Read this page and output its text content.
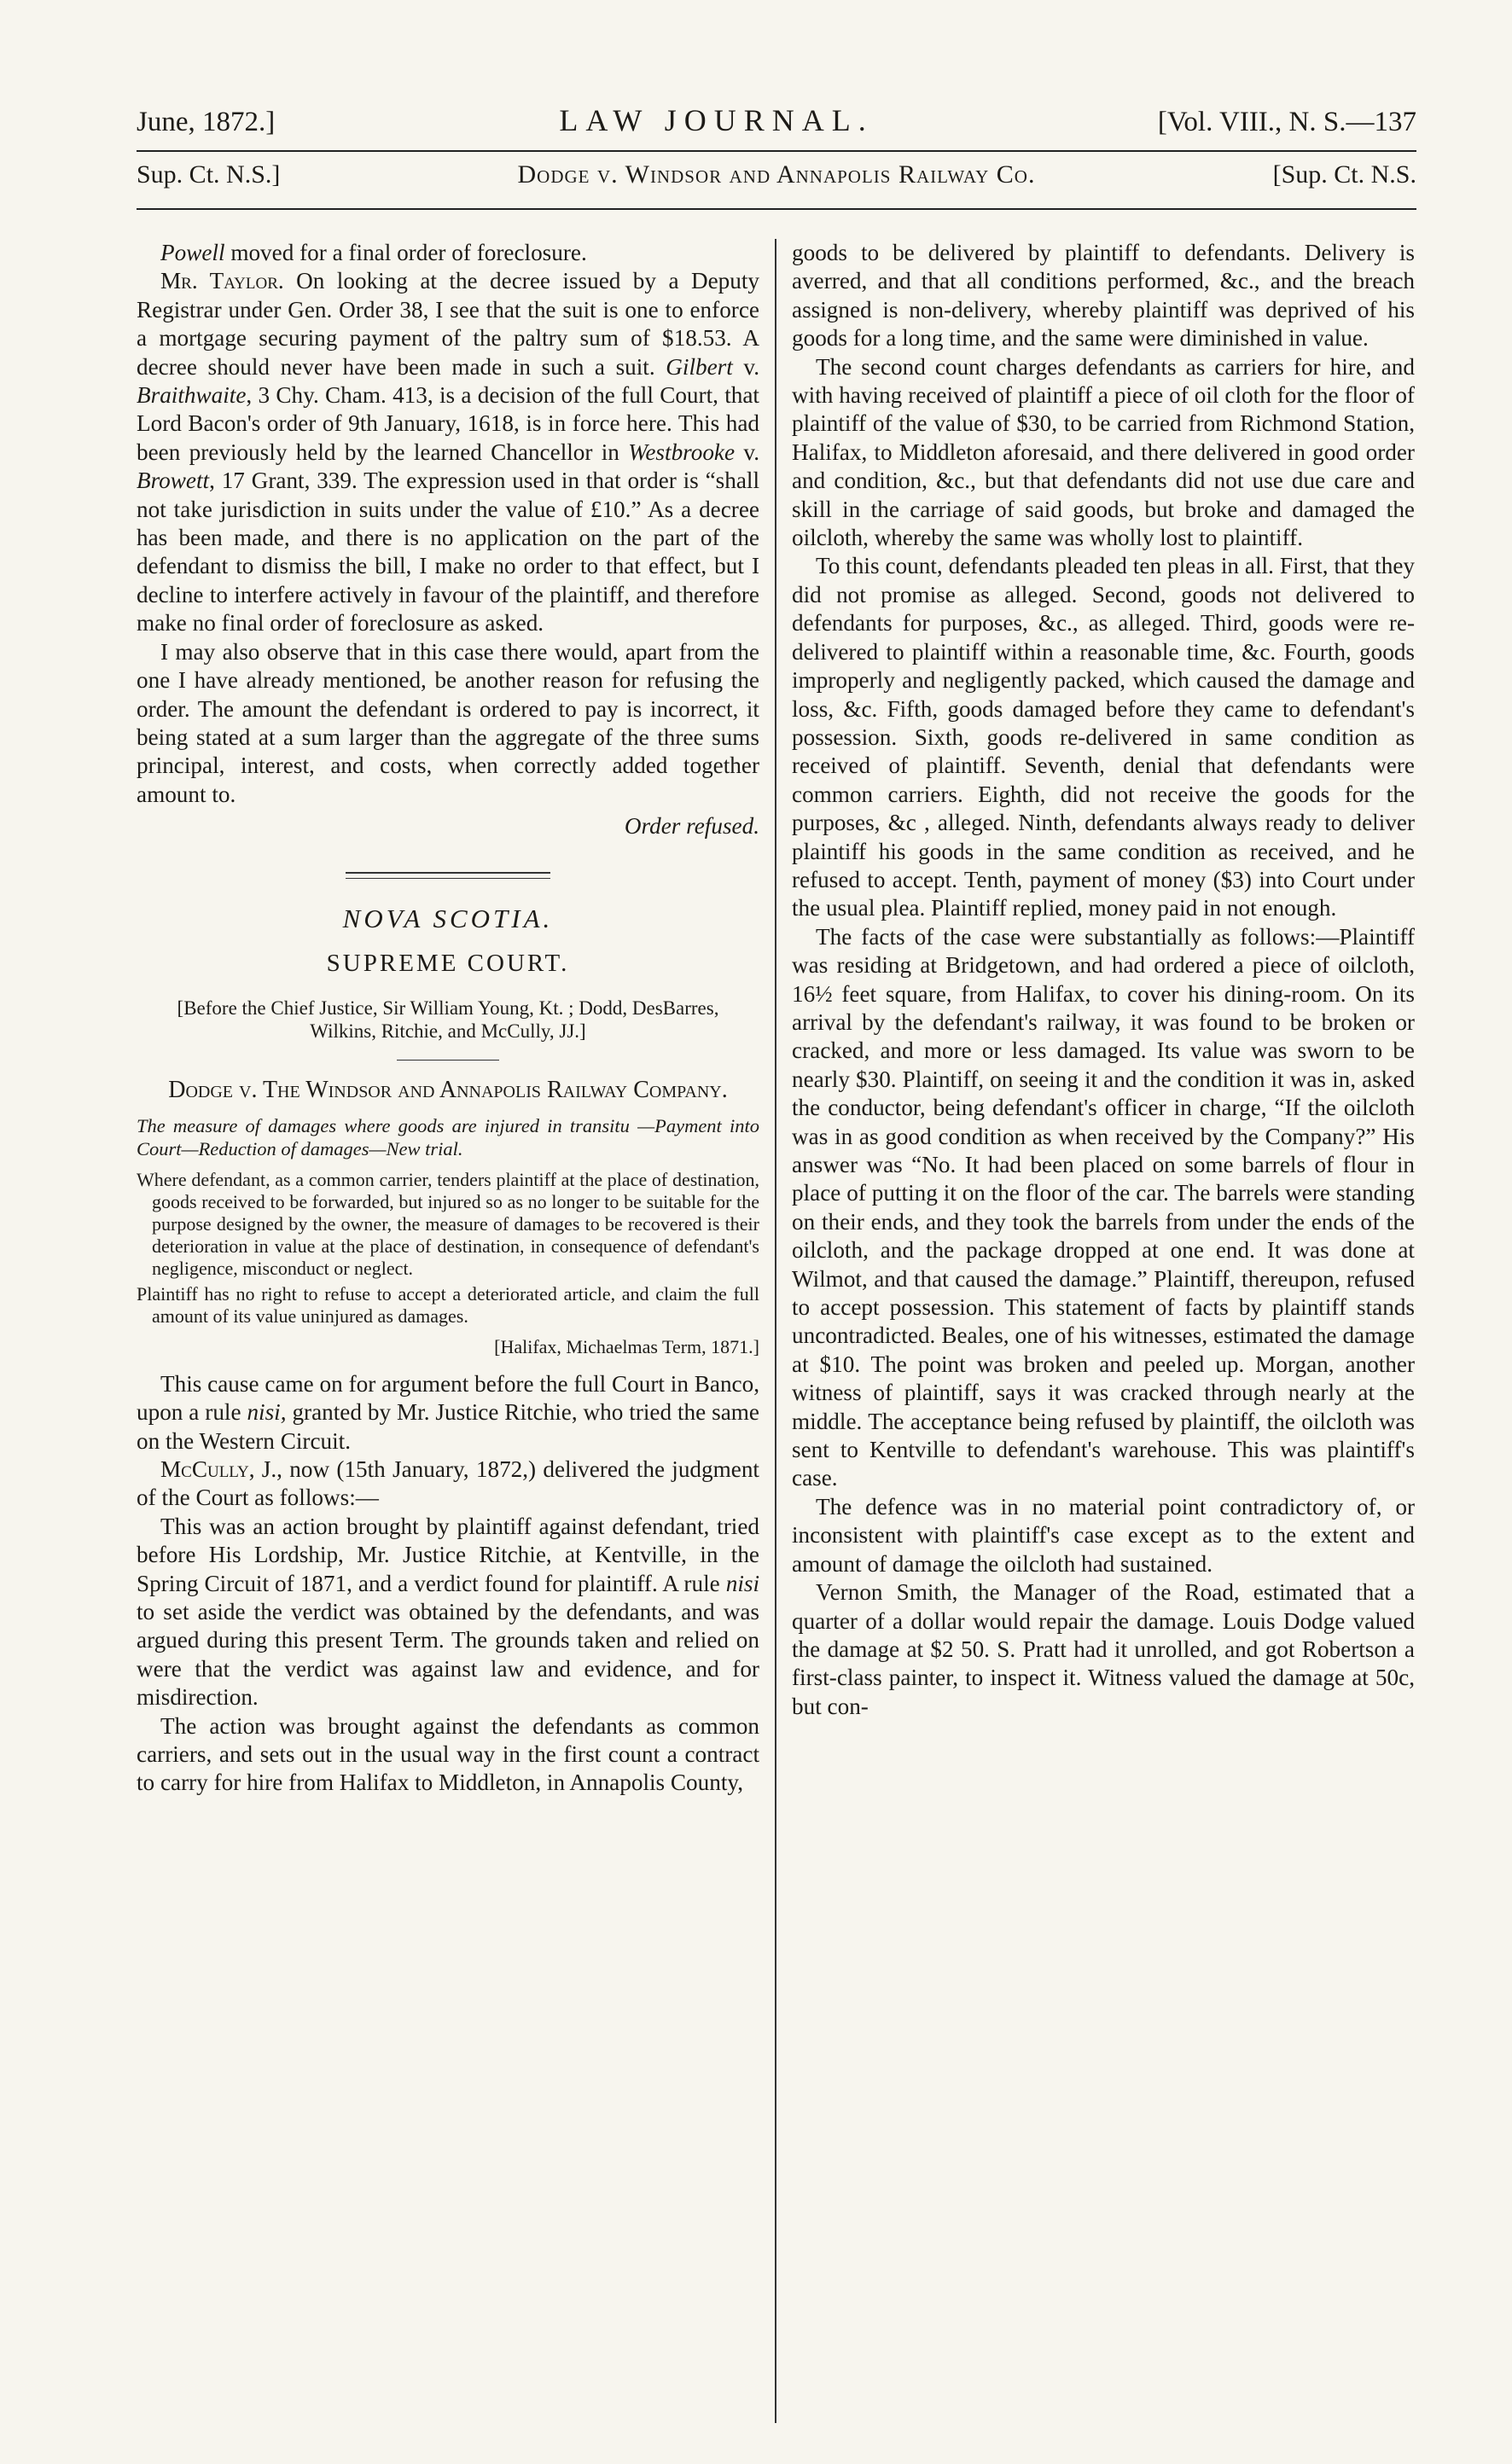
June, 1872.]	LAW JOURNAL.	[Vol. VIII., N. S.—137
Sup. Ct. N.S.]	Dodge v. Windsor and Annapolis Railway Co.	[Sup. Ct. N.S.

Powell moved for a final order of foreclosure.

Mr. Taylor. On looking at the decree issued by a Deputy Registrar under Gen. Order 38, I see that the suit is one to enforce a mortgage securing payment of the paltry sum of $18.53. A decree should never have been made in such a suit. Gilbert v. Braithwaite, 3 Chy. Cham. 413, is a decision of the full Court, that Lord Bacon's order of 9th January, 1618, is in force here. This had been previously held by the learned Chancellor in Westbrooke v. Browett, 17 Grant, 339. The expression used in that order is “shall not take jurisdiction in suits under the value of £10.” As a decree has been made, and there is no application on the part of the defendant to dismiss the bill, I make no order to that effect, but I decline to interfere actively in favour of the plaintiff, and therefore make no final order of foreclosure as asked.

I may also observe that in this case there would, apart from the one I have already mentioned, be another reason for refusing the order. The amount the defendant is ordered to pay is incorrect, it being stated at a sum larger than the aggregate of the three sums principal, interest, and costs, when correctly added together amount to.

Order refused.

NOVA SCOTIA.
SUPREME COURT.
[Before the Chief Justice, Sir William Young, Kt. ; Dodd, DesBarres, Wilkins, Ritchie, and McCully, JJ.]
Dodge v. The Windsor and Annapolis Railway Company.

The measure of damages where goods are injured in transitu —Payment into Court—Reduction of damages—New trial.

Where defendant, as a common carrier, tenders plaintiff at the place of destination, goods received to be forwarded, but injured so as no longer to be suitable for the purpose designed by the owner, the measure of damages to be recovered is their deterioration in value at the place of destination, in consequence of defendant's negligence, misconduct or neglect.

Plaintiff has no right to refuse to accept a deteriorated article, and claim the full amount of its value uninjured as damages.

[Halifax, Michaelmas Term, 1871.]

This cause came on for argument before the full Court in Banco, upon a rule nisi, granted by Mr. Justice Ritchie, who tried the same on the Western Circuit.

McCully, J., now (15th January, 1872,) delivered the judgment of the Court as follows:—

This was an action brought by plaintiff against defendant, tried before His Lordship, Mr. Justice Ritchie, at Kentville, in the Spring Circuit of 1871, and a verdict found for plaintiff. A rule nisi to set aside the verdict was obtained by the defendants, and was argued during this present Term. The grounds taken and relied on were that the verdict was against law and evidence, and for misdirection.

The action was brought against the defendants as common carriers, and sets out in the usual way in the first count a contract to carry for hire from Halifax to Middleton, in Annapolis County,

goods to be delivered by plaintiff to defendants. Delivery is averred, and that all conditions performed, &c., and the breach assigned is non-delivery, whereby plaintiff was deprived of his goods for a long time, and the same were diminished in value.

The second count charges defendants as carriers for hire, and with having received of plaintiff a piece of oil cloth for the floor of plaintiff of the value of $30, to be carried from Richmond Station, Halifax, to Middleton aforesaid, and there delivered in good order and condition, &c., but that defendants did not use due care and skill in the carriage of said goods, but broke and damaged the oilcloth, whereby the same was wholly lost to plaintiff.

To this count, defendants pleaded ten pleas in all. First, that they did not promise as alleged. Second, goods not delivered to defendants for purposes, &c., as alleged. Third, goods were re-delivered to plaintiff within a reasonable time, &c. Fourth, goods improperly and negligently packed, which caused the damage and loss, &c. Fifth, goods damaged before they came to defendant's possession. Sixth, goods re-delivered in same condition as received of plaintiff. Seventh, denial that defendants were common carriers. Eighth, did not receive the goods for the purposes, &c , alleged. Ninth, defendants always ready to deliver plaintiff his goods in the same condition as received, and he refused to accept. Tenth, payment of money ($3) into Court under the usual plea. Plaintiff replied, money paid in not enough.

The facts of the case were substantially as follows:—Plaintiff was residing at Bridgetown, and had ordered a piece of oilcloth, 16½ feet square, from Halifax, to cover his dining-room. On its arrival by the defendant's railway, it was found to be broken or cracked, and more or less damaged. Its value was sworn to be nearly $30. Plaintiff, on seeing it and the condition it was in, asked the conductor, being defendant's officer in charge, “If the oilcloth was in as good condition as when received by the Company?” His answer was “No. It had been placed on some barrels of flour in place of putting it on the floor of the car. The barrels were standing on their ends, and they took the barrels from under the ends of the oilcloth, and the package dropped at one end. It was done at Wilmot, and that caused the damage.” Plaintiff, thereupon, refused to accept possession. This statement of facts by plaintiff stands uncontradicted. Beales, one of his witnesses, estimated the damage at $10. The point was broken and peeled up. Morgan, another witness of plaintiff, says it was cracked through nearly at the middle. The acceptance being refused by plaintiff, the oilcloth was sent to Kentville to defendant's warehouse. This was plaintiff's case.

The defence was in no material point contradictory of, or inconsistent with plaintiff's case except as to the extent and amount of damage the oilcloth had sustained.

Vernon Smith, the Manager of the Road, estimated that a quarter of a dollar would repair the damage. Louis Dodge valued the damage at $2 50. S. Pratt had it unrolled, and got Robertson a first-class painter, to inspect it. Witness valued the damage at 50c, but con-
